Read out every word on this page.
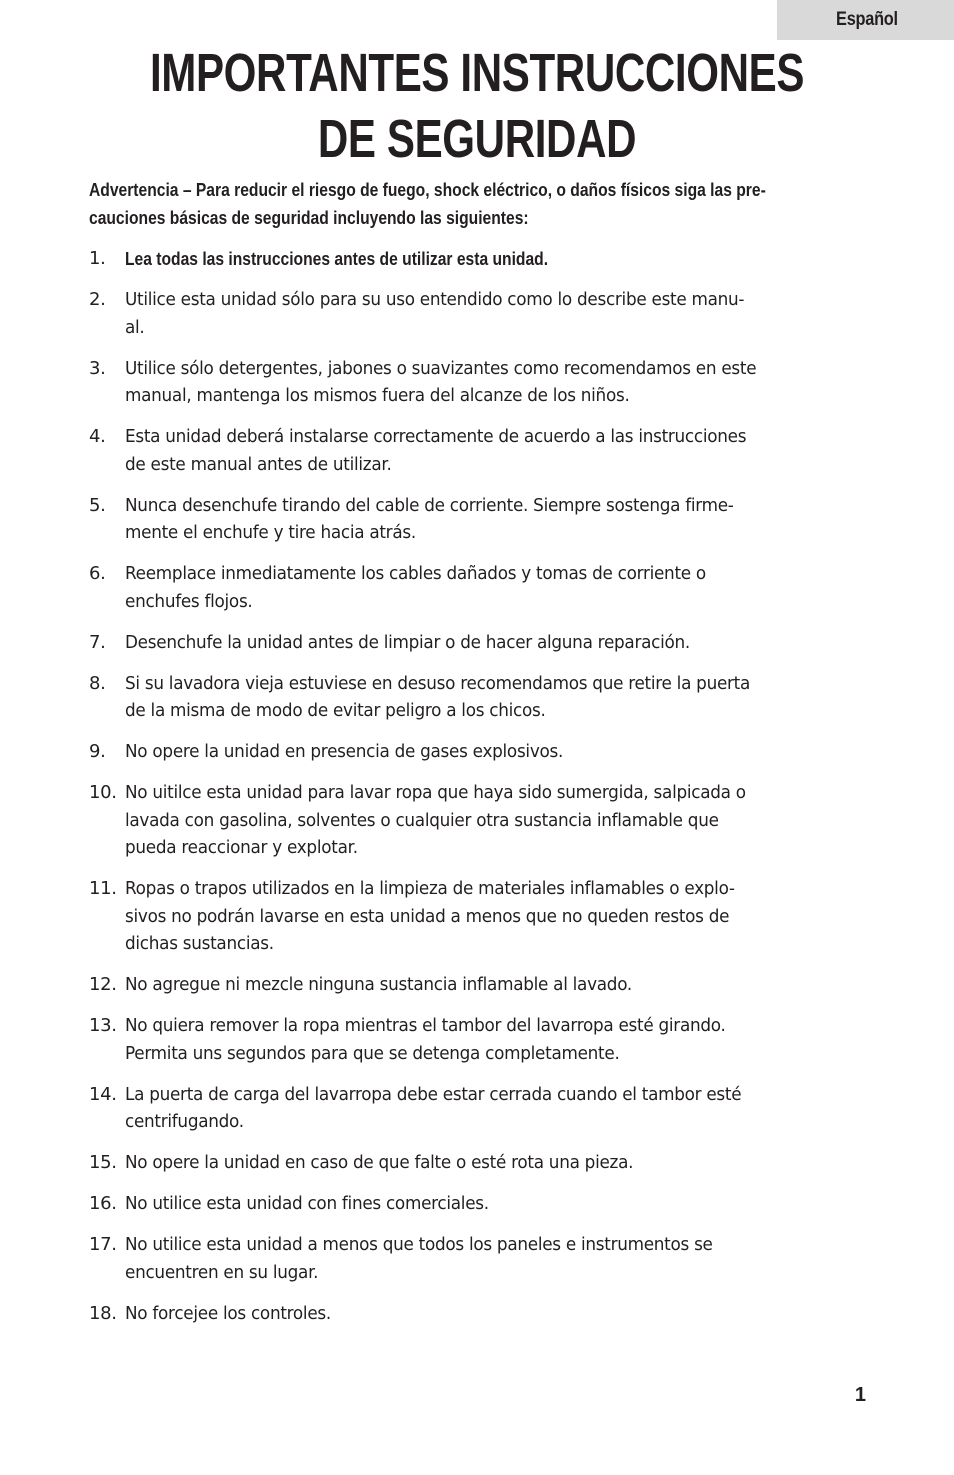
Español
IMPORTANTES INSTRUCCIONES
DE SEGURIDAD

Advertencia – Para reducir el riesgo de fuego, shock eléctrico, o daños físicos siga las pre-
cauciones básicas de seguridad incluyendo las siguientes:

1. Lea todas las instrucciones antes de utilizar esta unidad.
2. Utilice esta unidad sólo para su uso entendido como lo describe este manu-
al.
3. Utilice sólo detergentes, jabones o suavizantes como recomendamos en este
manual, mantenga los mismos fuera del alcanze de los niños.
4. Esta unidad deberá instalarse correctamente de acuerdo a las instrucciones
de este manual antes de utilizar.
5. Nunca desenchufe tirando del cable de corriente. Siempre sostenga firme-
mente el enchufe y tire hacia atrás.
6. Reemplace inmediatamente los cables dañados y tomas de corriente o
enchufes flojos.
7. Desenchufe la unidad antes de limpiar o de hacer alguna reparación.
8. Si su lavadora vieja estuviese en desuso recomendamos que retire la puerta
de la misma de modo de evitar peligro a los chicos.
9. No opere la unidad en presencia de gases explosivos.
10. No uitilce esta unidad para lavar ropa que haya sido sumergida, salpicada o
lavada con gasolina, solventes o cualquier otra sustancia inflamable que
pueda reaccionar y explotar.
11. Ropas o trapos utilizados en la limpieza de materiales inflamables o explo-
sivos no podrán lavarse en esta unidad a menos que no queden restos de
dichas sustancias.
12. No agregue ni mezcle ninguna sustancia inflamable al lavado.
13. No quiera remover la ropa mientras el tambor del lavarropa esté girando.
Permita uns segundos para que se detenga completamente.
14. La puerta de carga del lavarropa debe estar cerrada cuando el tambor esté
centrifugando.
15. No opere la unidad en caso de que falte o esté rota una pieza.
16. No utilice esta unidad con fines comerciales.
17. No utilice esta unidad a menos que todos los paneles e instrumentos se
encuentren en su lugar.
18. No forcejee los controles.
1
